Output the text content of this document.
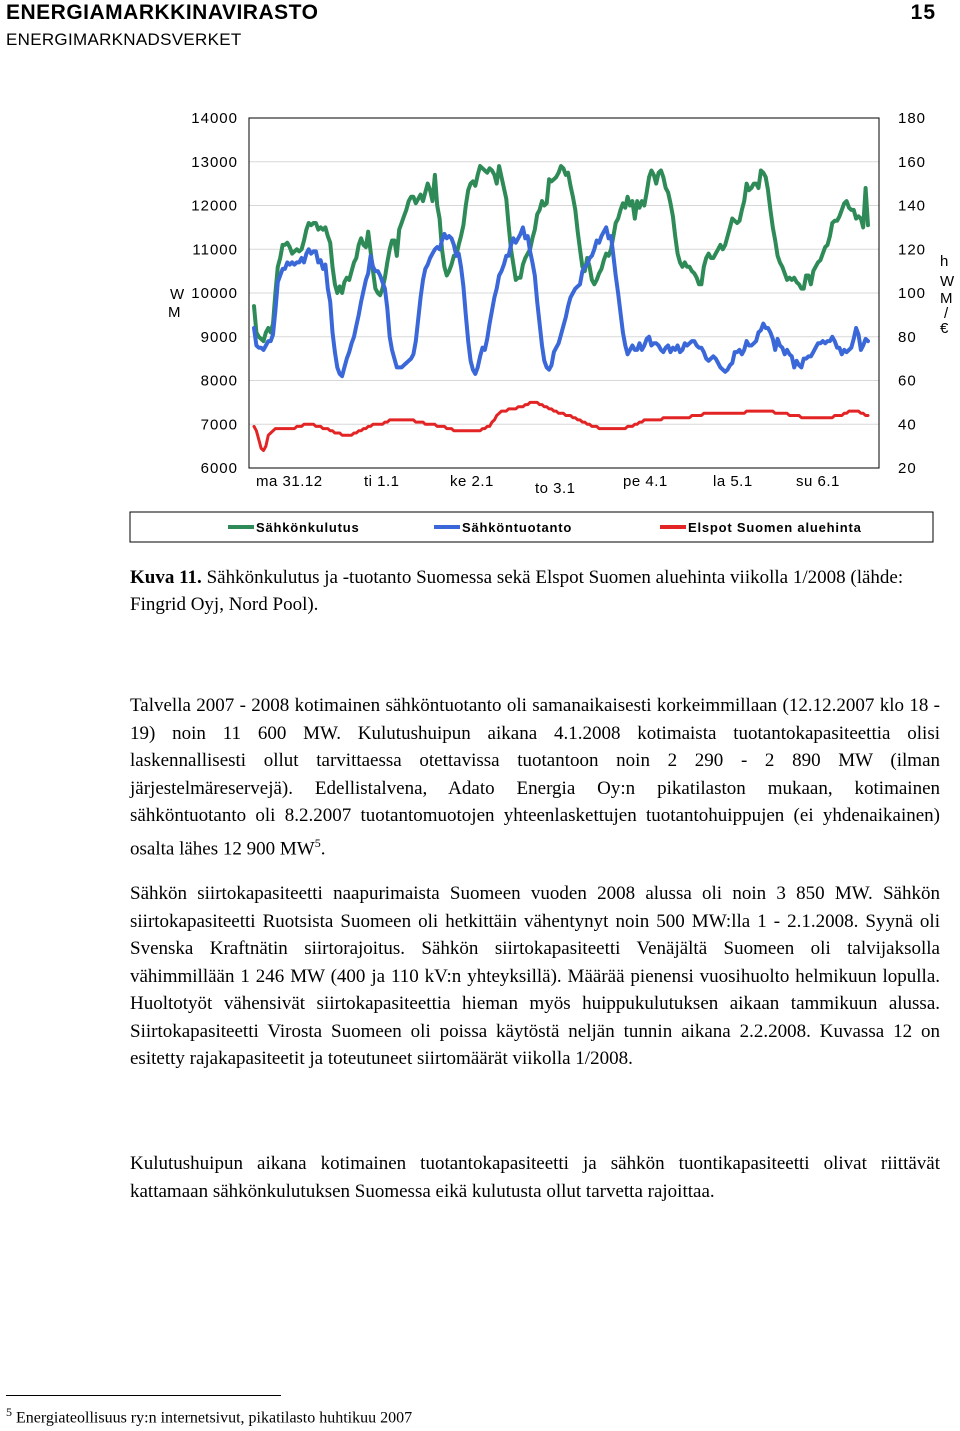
ENERGIAMARKKINAVIRASTO	15
ENERGIMARKNADSVERKET
14000
13000
12000
11000
10000
9000
8000
7000
6000
180
160
140
120
100
80
60
40
20
ma 31.12	ti 1.1	ke 2.1	to 3.1	pe 4.1	la 5.1	su 6.1
W
M
h
W
M
/
€
Sähkönkulutus	Sähköntuotanto	Elspot Suomen aluehinta
Kuva 11. Sähkönkulutus ja -tuotanto Suomessa sekä Elspot Suomen aluehinta viikolla 1/2008 (lähde: Fingrid Oyj, Nord Pool).
Talvella 2007 - 2008 kotimainen sähköntuotanto oli samanaikaisesti korkeimmillaan (12.12.2007 klo 18 - 19) noin 11 600 MW. Kulutushuipun aikana 4.1.2008 kotimaista tuotantokapasiteettia olisi laskennallisesti ollut tarvittaessa otettavissa tuotantoon noin 2 290 - 2 890 MW (ilman järjestelmäreservejä). Edellistalvena, Adato Energia Oy:n pikatilaston mukaan, kotimainen sähköntuotanto oli 8.2.2007 tuotantomuotojen yhteenlaskettujen tuotantohuippujen (ei yhdenaikainen) osalta lähes 12 900 $MW^5$.
Sähkön siirtokapasiteetti naapurimaista Suomeen vuoden 2008 alussa oli noin 3 850 MW. Sähkön siirtokapasiteetti Ruotsista Suomeen oli hetkittäin vähentynyt noin 500 MW:lla 1 - 2.1.2008. Syynä oli Svenska Kraftnätin siirtorajoitus. Sähkön siirtokapasiteetti Venäjältä Suomeen oli talvijaksolla vähimmillään 1 246 MW (400 ja 110 kV:n yhteyksillä). Määrää pienensi vuosihuolto helmikuun lopulla. Huoltotyöt vähensivät siirtokapasiteettia hieman myös huippukulutuksen aikaan tammikuun alussa. Siirtokapasiteetti Virosta Suomeen oli poissa käytöstä neljän tunnin aikana 2.2.2008. Kuvassa 12 on esitetty rajakapasiteetit ja toteutuneet siirtomäärät viikolla 1/2008.
Kulutushuipun aikana kotimainen tuotantokapasiteetti ja sähkön tuontikapasiteetti olivat riittävät kattamaan sähkönkulutuksen Suomessa eikä kulutusta ollut tarvetta rajoittaa.
$^5$ Energiateollisuus ry:n internetsivut, pikatilasto huhtikuu 2007
